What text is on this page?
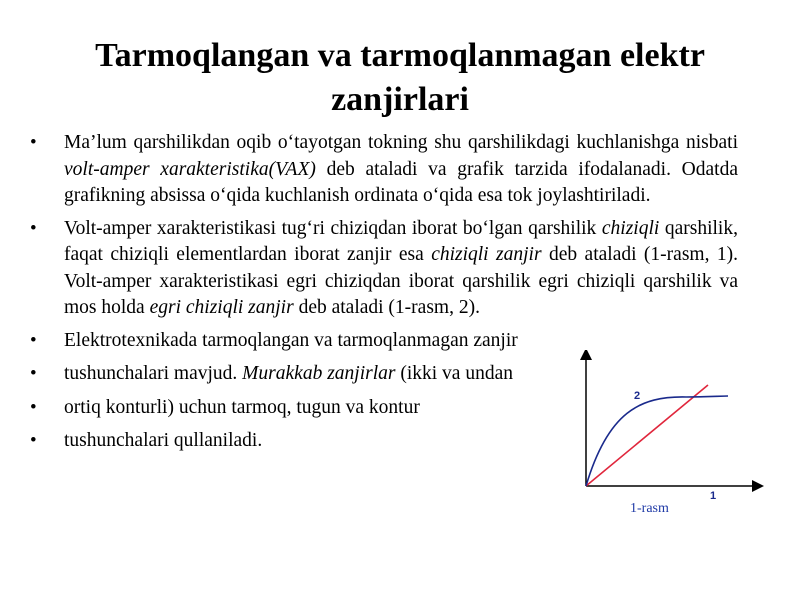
Tarmoqlangan va tarmoqlanmagan elektr zanjirlari
• Ma’lum qarshilikdan oqib o‘tayotgan tokning shu qarshilikdagi kuchlanishga nisbati volt-amper xarakteristika(VAX) deb ataladi va grafik tarzida ifodalanadi. Odatda grafikning absissa o‘qida kuchlanish ordinata o‘qida esa tok joylashtiriladi.
• Volt-amper xarakteristikasi tug‘ri chiziqdan iborat bo‘lgan qarshilik chiziqli qarshilik, faqat chiziqli elementlardan iborat zanjir esa chiziqli zanjir deb ataladi (1-rasm, 1). Volt-amper xarakteristikasi egri chiziqdan iborat qarshilik egri chiziqli qarshilik va mos holda egri chiziqli zanjir deb ataladi (1-rasm, 2).
• Elektrotexnikada tarmoqlangan va tarmoqlanmagan zanjir
• tushunchalari mavjud. Murakkab zanjirlar (ikki va undan
• ortiq konturli) uchun tarmoq, tugun va kontur
• tushunchalari qullaniladi.
2
1
1-rasm
